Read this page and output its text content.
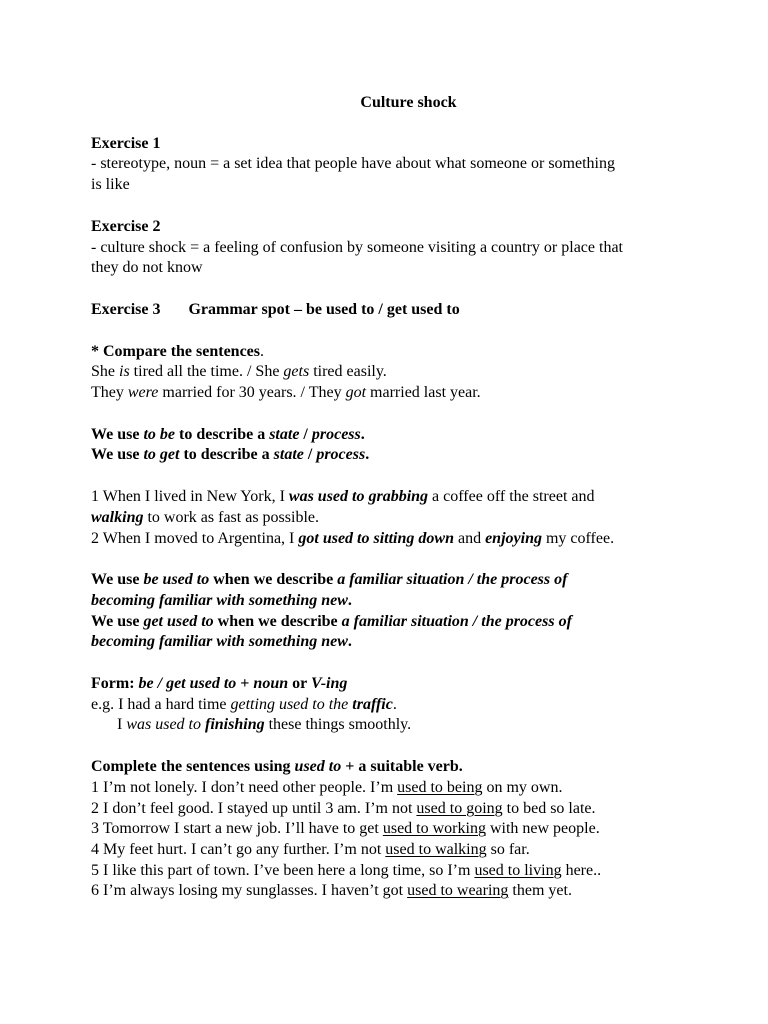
Culture shock
Exercise 1
- stereotype, noun = a set idea that people have about what someone or something
is like
Exercise 2
- culture shock = a feeling of confusion by someone visiting a country or place that
they do not know
Exercise 3 Grammar spot – be used to / get used to
* Compare the sentences.
She is tired all the time. / She gets tired easily.
They were married for 30 years. / They got married last year.
We use to be to describe a state / process.
We use to get to describe a state / process.
1 When I lived in New York, I was used to grabbing a coffee off the street and
walking to work as fast as possible.
2 When I moved to Argentina, I got used to sitting down and enjoying my coffee.
We use be used to when we describe a familiar situation / the process of
becoming familiar with something new.
We use get used to when we describe a familiar situation / the process of
becoming familiar with something new.
Form: be / get used to + noun or V-ing
e.g. I had a hard time getting used to the traffic.
I was used to finishing these things smoothly.
Complete the sentences using used to + a suitable verb.
1 I’m not lonely. I don’t need other people. I’m used to being on my own.
2 I don’t feel good. I stayed up until 3 am. I’m not used to going to bed so late.
3 Tomorrow I start a new job. I’ll have to get used to working with new people.
4 My feet hurt. I can’t go any further. I’m not used to walking so far.
5 I like this part of town. I’ve been here a long time, so I’m used to living here..
6 I’m always losing my sunglasses. I haven’t got used to wearing them yet.
